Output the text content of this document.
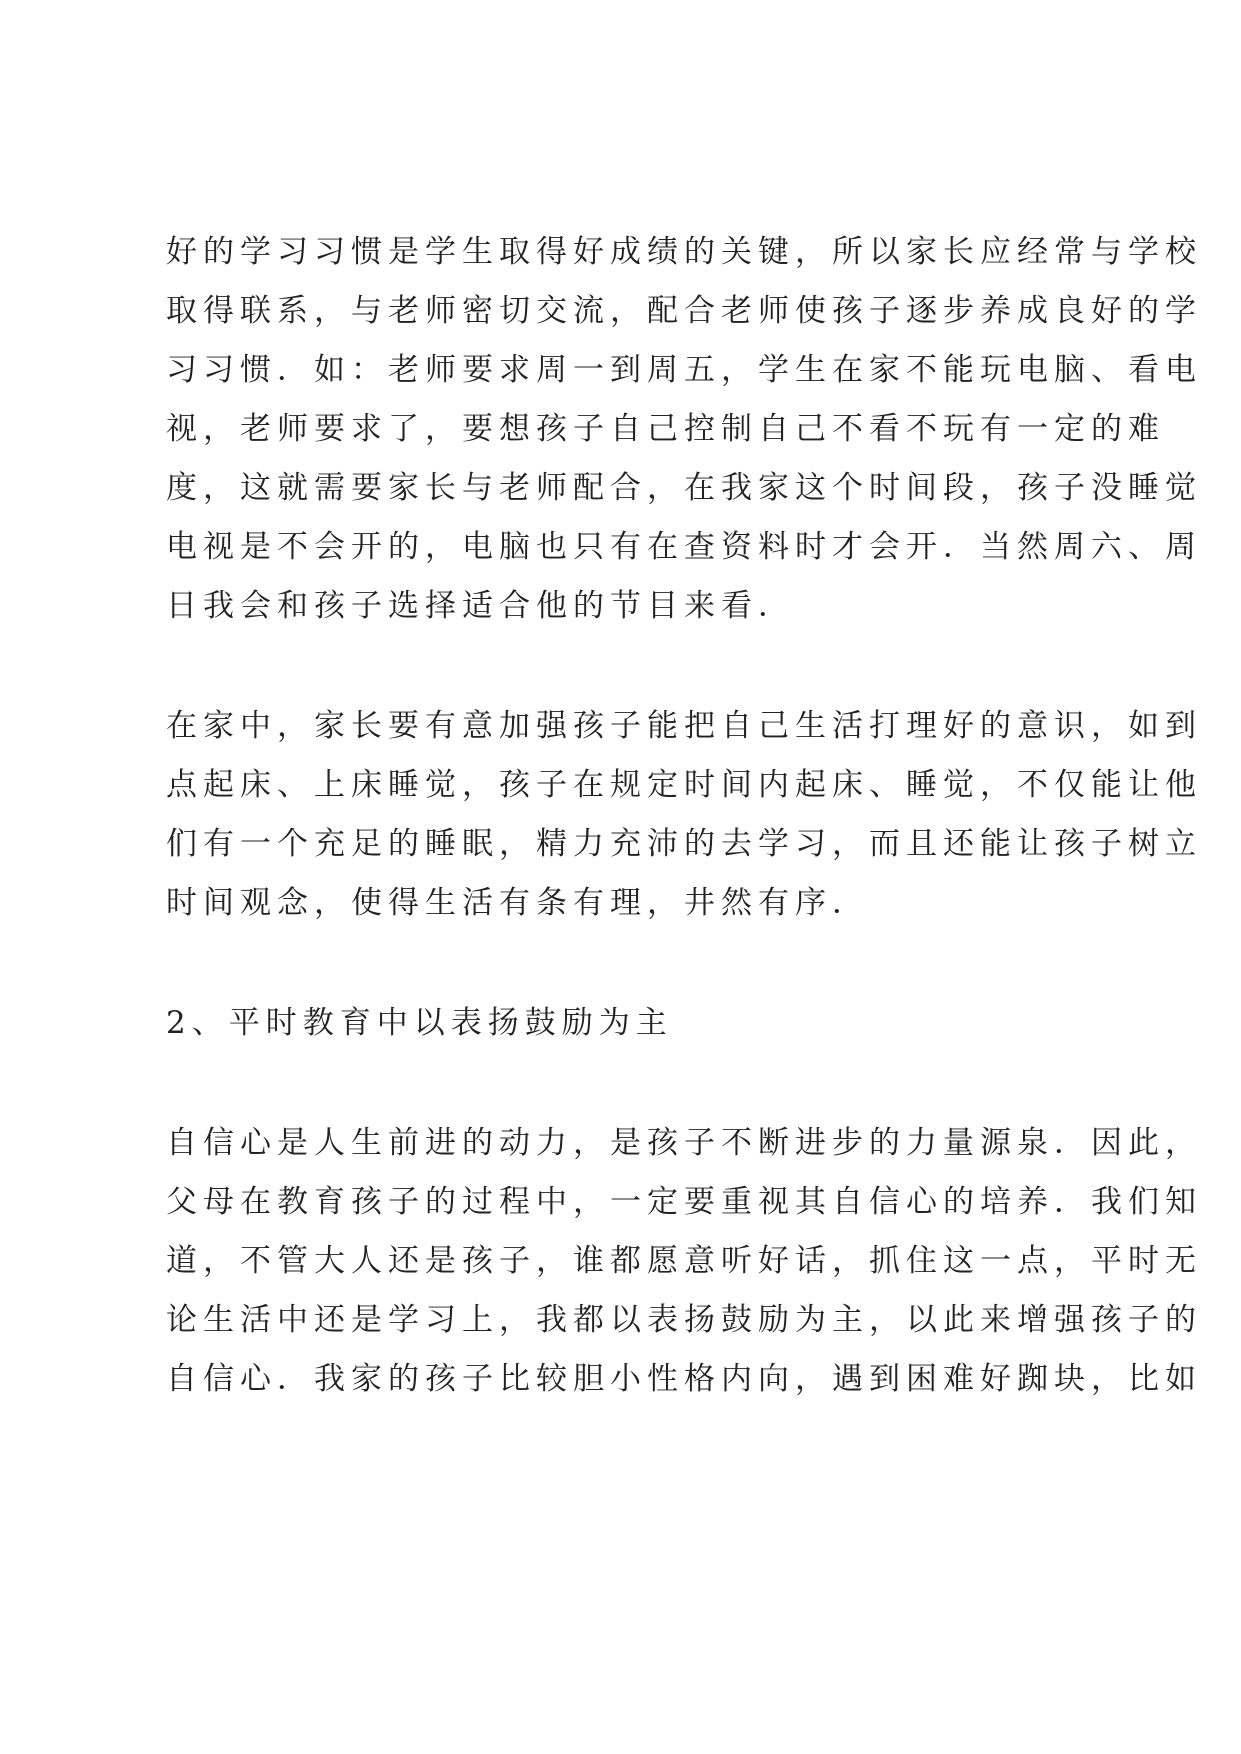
好的学习习惯是学生取得好成绩的关键，所以家长应经常与学校

取得联系，与老师密切交流，配合老师使孩子逐步养成良好的学

习习惯．如：老师要求周一到周五，学生在家不能玩电脑、看电

视，老师要求了，要想孩子自己控制自己不看不玩有一定的难

度，这就需要家长与老师配合，在我家这个时间段，孩子没睡觉

电视是不会开的，电脑也只有在查资料时才会开．当然周六、周

日我会和孩子选择适合他的节目来看．

在家中，家长要有意加强孩子能把自己生活打理好的意识，如到

点起床、上床睡觉，孩子在规定时间内起床、睡觉，不仅能让他

们有一个充足的睡眠，精力充沛的去学习，而且还能让孩子树立

时间观念，使得生活有条有理，井然有序．

2、平时教育中以表扬鼓励为主

自信心是人生前进的动力，是孩子不断进步的力量源泉．因此，

父母在教育孩子的过程中，一定要重视其自信心的培养．我们知

道，不管大人还是孩子，谁都愿意听好话，抓住这一点，平时无

论生活中还是学习上，我都以表扬鼓励为主，以此来增强孩子的

自信心．我家的孩子比较胆小性格内向，遇到困难好踟块，比如
